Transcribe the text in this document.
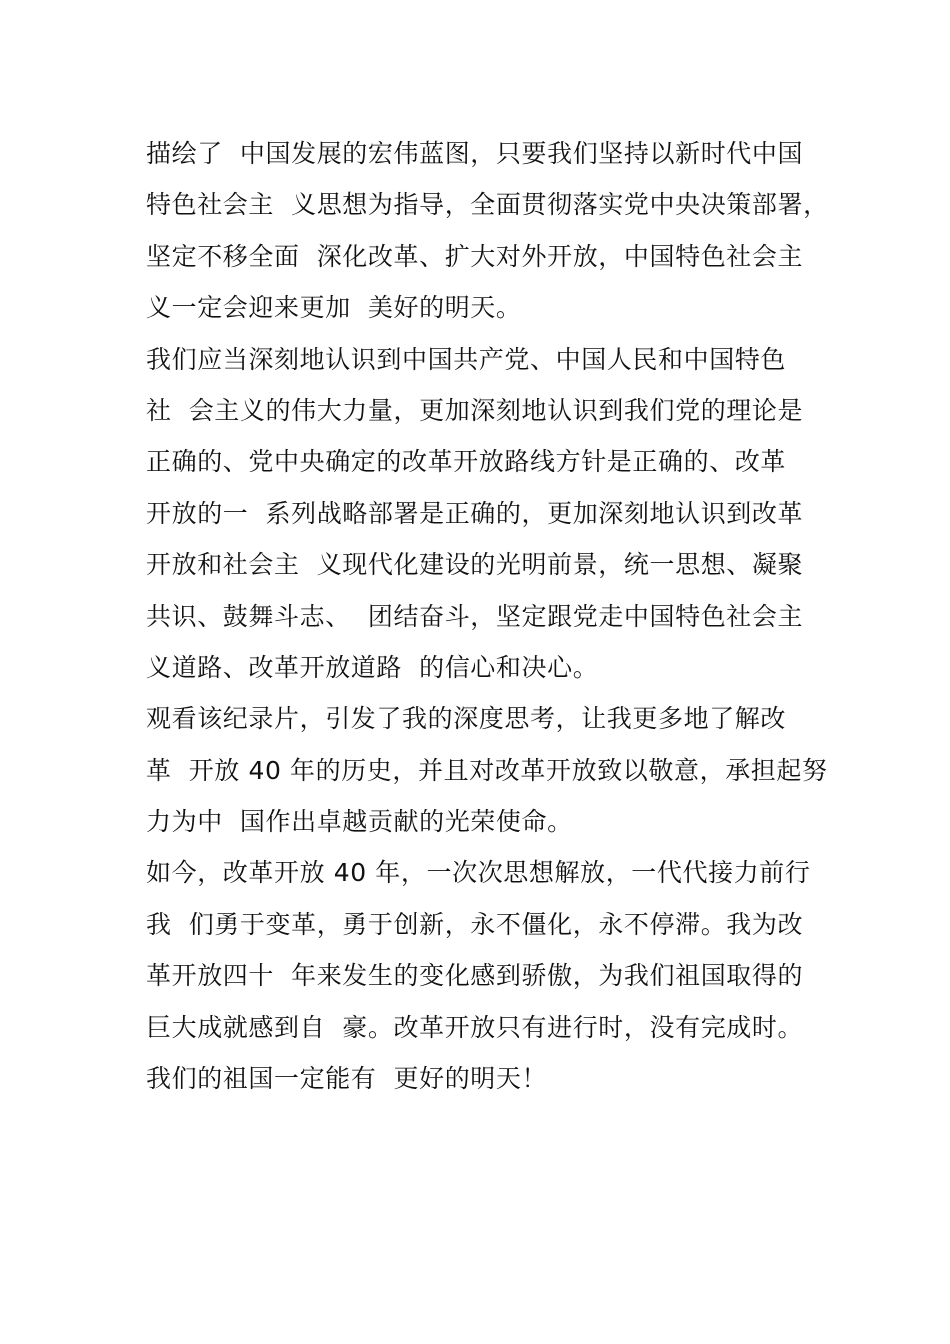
描绘了  中国发展的宏伟蓝图，只要我们坚持以新时代中国
特色社会主  义思想为指导，全面贯彻落实党中央决策部署，
坚定不移全面  深化改革、扩大对外开放，中国特色社会主
义一定会迎来更加  美好的明天。
我们应当深刻地认识到中国共产党、中国人民和中国特色
社  会主义的伟大力量，更加深刻地认识到我们党的理论是
正确的、党中央确定的改革开放路线方针是正确的、改革
开放的一  系列战略部署是正确的，更加深刻地认识到改革
开放和社会主  义现代化建设的光明前景，统一思想、凝聚
共识、鼓舞斗志、  团结奋斗，坚定跟党走中国特色社会主
义道路、改革开放道路  的信心和决心。
观看该纪录片，引发了我的深度思考，让我更多地了解改
革  开放 40 年的历史，并且对改革开放致以敬意，承担起努
力为中  国作出卓越贡献的光荣使命。
如今，改革开放 40 年，一次次思想解放，一代代接力前行
我  们勇于变革，勇于创新，永不僵化，永不停滞。我为改
革开放四十  年来发生的变化感到骄傲，为我们祖国取得的
巨大成就感到自  豪。改革开放只有进行时，没有完成时。
我们的祖国一定能有  更好的明天！
